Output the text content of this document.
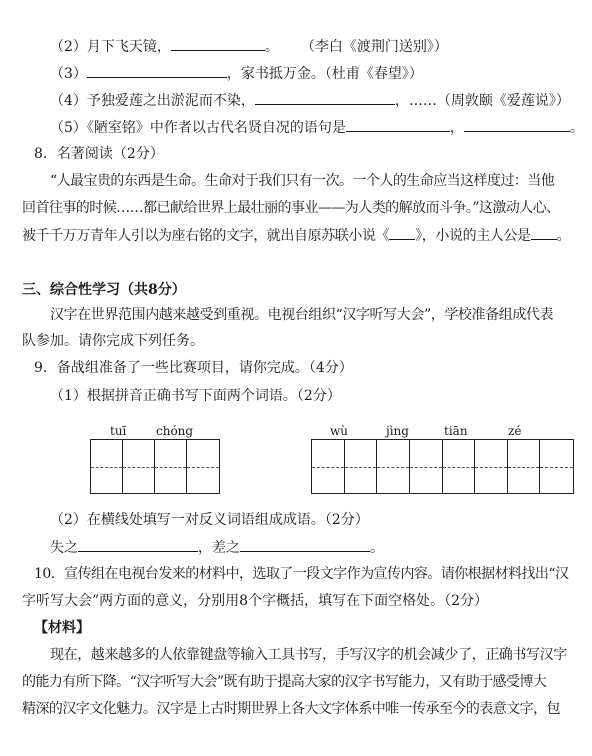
（2）月下飞天镜，	。 （李白《渡荆门送别》）
（3）	，家书抵万金。（杜甫《春望》）
（4）予独爱莲之出淤泥而不染，	，……（周敦颐《爱莲说》）
（5）《陋室铭》中作者以古代名贤自况的语句是	，	。
8．名著阅读（2分）
“人最宝贵的东西是生命。生命对于我们只有一次。一个人的生命应当这样度过：当他
回首往事的时候……都已献给世界上最壮丽的事业——为人类的解放而斗争。”这激动人心、
被千千万万青年人引以为座右铭的文字，就出自原苏联小说《 》，小说的主人公是 。
三、综合性学习（共8分）
汉字在世界范围内越来越受到重视。电视台组织“汉字听写大会”，学校准备组成代表
队参加。请你完成下列任务。
9．备战组准备了一些比赛项目，请你完成。（4分）
（1）根据拼音正确书写下面两个词语。（2分）
tuī chóng	wù	jìng	tiān	zé
（2）在横线处填写一对反义词语组成成语。（2分）
失之	，差之	。
10．宣传组在电视台发来的材料中，选取了一段文字作为宣传内容。请你根据材料找出“汉
字听写大会”两方面的意义，分别用8个字概括，填写在下面空格处。（2分）
【材料】
现在，越来越多的人依靠键盘等输入工具书写，手写汉字的机会减少了，正确书写汉字
的能力有所下降。“汉字听写大会”既有助于提高大家的汉字书写能力，又有助于感受博大
精深的汉字文化魅力。汉字是上古时期世界上各大文字体系中唯一传承至今的表意文字，包
